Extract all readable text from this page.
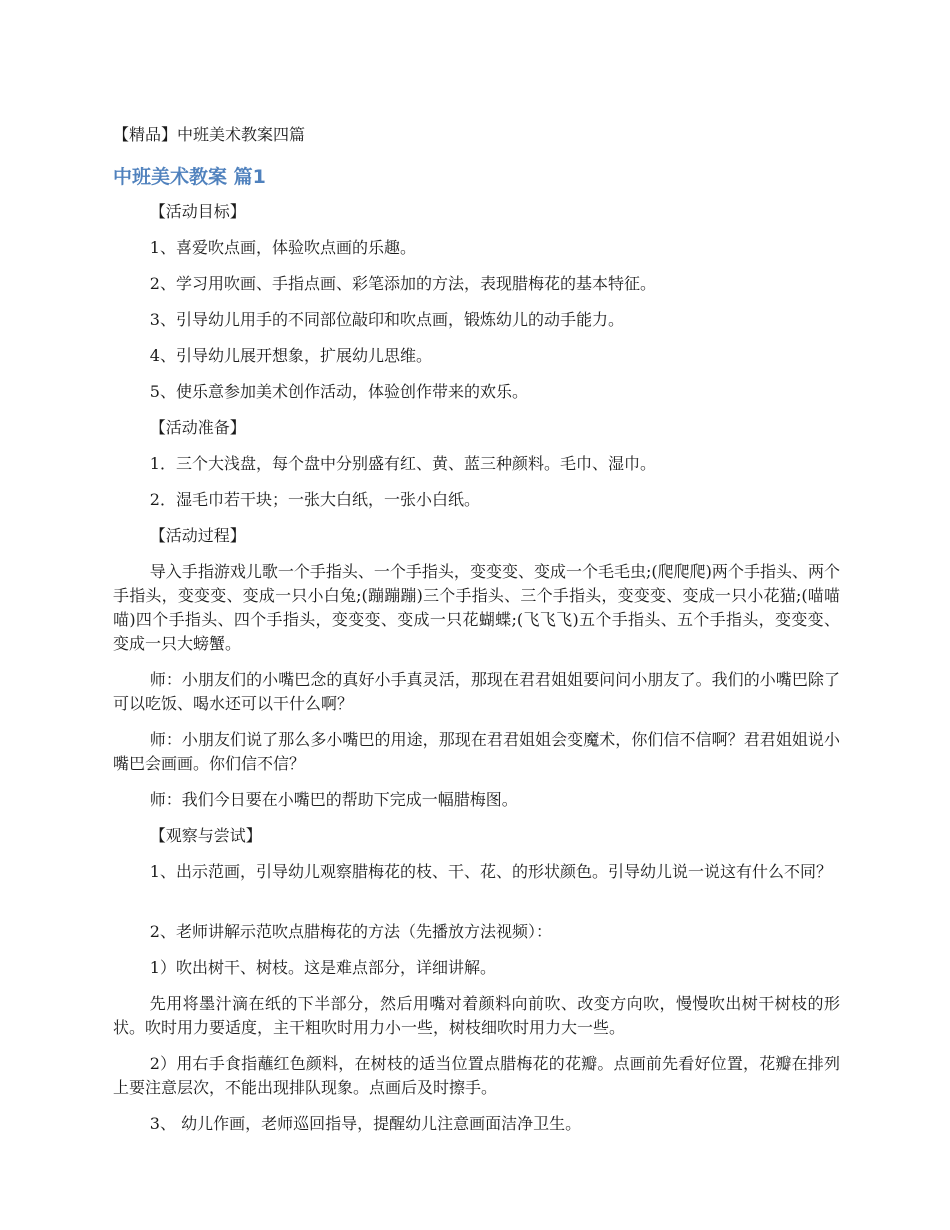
【精品】中班美术教案四篇
中班美术教案 篇1

【活动目标】

1、喜爱吹点画，体验吹点画的乐趣。

2、学习用吹画、手指点画、彩笔添加的方法，表现腊梅花的基本特征。

3、引导幼儿用手的不同部位敲印和吹点画，锻炼幼儿的动手能力。

4、引导幼儿展开想象，扩展幼儿思维。

5、使乐意参加美术创作活动，体验创作带来的欢乐。

【活动准备】

1．三个大浅盘，每个盘中分别盛有红、黄、蓝三种颜料。毛巾、湿巾。

2．湿毛巾若干块；一张大白纸，一张小白纸。

【活动过程】

导入手指游戏儿歌一个手指头、一个手指头，变变变、变成一个毛毛虫;(爬爬爬)两个手指头、两个手指头，变变变、变成一只小白兔;(蹦蹦蹦)三个手指头、三个手指头，变变变、变成一只小花猫;(喵喵喵)四个手指头、四个手指头，变变变、变成一只花蝴蝶;(飞飞飞)五个手指头、五个手指头，变变变、变成一只大螃蟹。

师：小朋友们的小嘴巴念的真好小手真灵活，那现在君君姐姐要问问小朋友了。我们的小嘴巴除了可以吃饭、喝水还可以干什么啊？

师：小朋友们说了那么多小嘴巴的用途，那现在君君姐姐会变魔术，你们信不信啊？君君姐姐说小嘴巴会画画。你们信不信？

师：我们今日要在小嘴巴的帮助下完成一幅腊梅图。

【观察与尝试】

1、出示范画，引导幼儿观察腊梅花的枝、干、花、的形状颜色。引导幼儿说一说这有什么不同？

2、老师讲解示范吹点腊梅花的方法（先播放方法视频）：

1）吹出树干、树枝。这是难点部分，详细讲解。

先用将墨汁滴在纸的下半部分，然后用嘴对着颜料向前吹、改变方向吹，慢慢吹出树干树枝的形状。吹时用力要适度，主干粗吹时用力小一些，树枝细吹时用力大一些。

2）用右手食指蘸红色颜料，在树枝的适当位置点腊梅花的花瓣。点画前先看好位置，花瓣在排列上要注意层次，不能出现排队现象。点画后及时擦手。

3、 幼儿作画，老师巡回指导，提醒幼儿注意画面洁净卫生。
